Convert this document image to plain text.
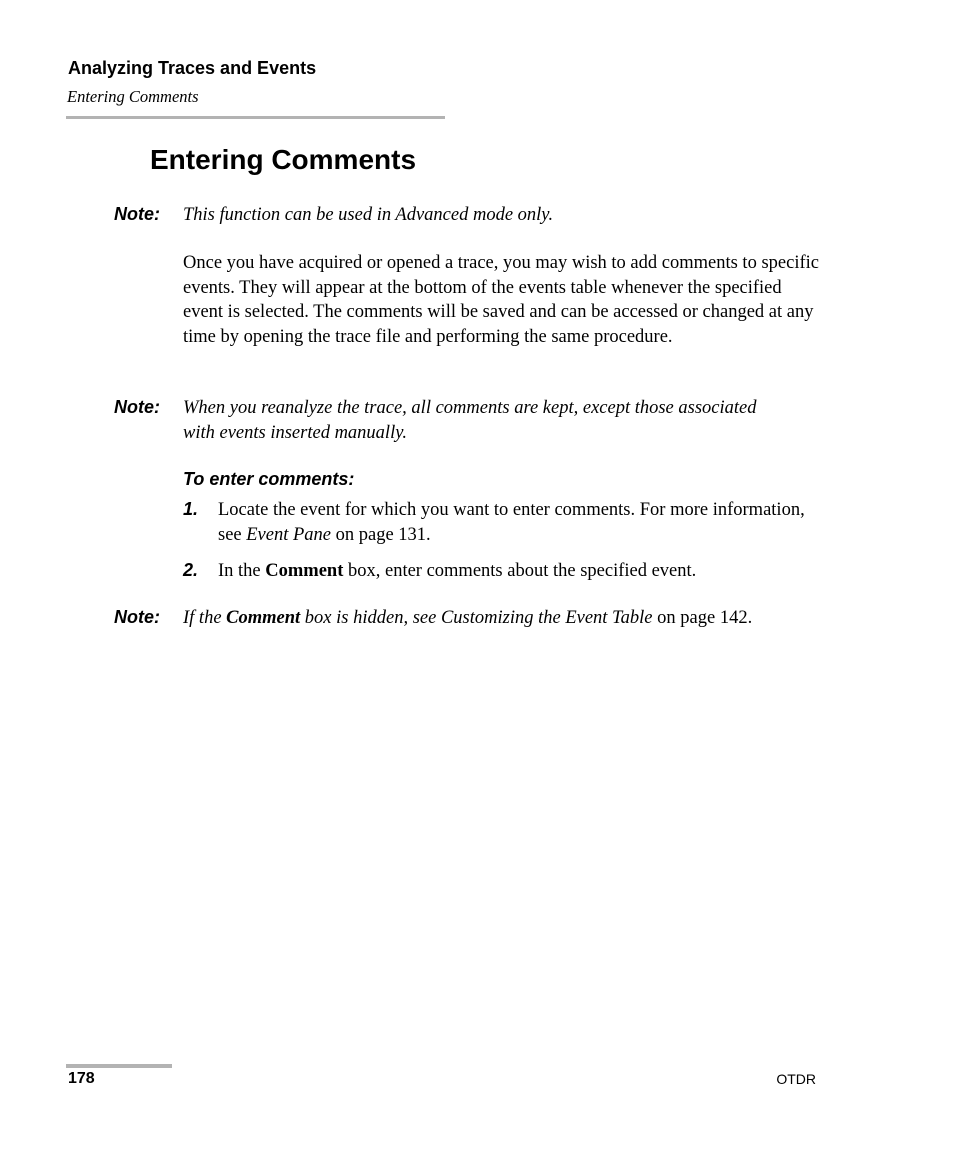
Analyzing Traces and Events
Entering Comments
Entering Comments
Note: This function can be used in Advanced mode only.
Once you have acquired or opened a trace, you may wish to add comments to specific events. They will appear at the bottom of the events table whenever the specified event is selected. The comments will be saved and can be accessed or changed at any time by opening the trace file and performing the same procedure.
Note: When you reanalyze the trace, all comments are kept, except those associated with events inserted manually.
To enter comments:
1. Locate the event for which you want to enter comments. For more information, see Event Pane on page 131.
2. In the Comment box, enter comments about the specified event.
Note: If the Comment box is hidden, see Customizing the Event Table on page 142.
178	OTDR
